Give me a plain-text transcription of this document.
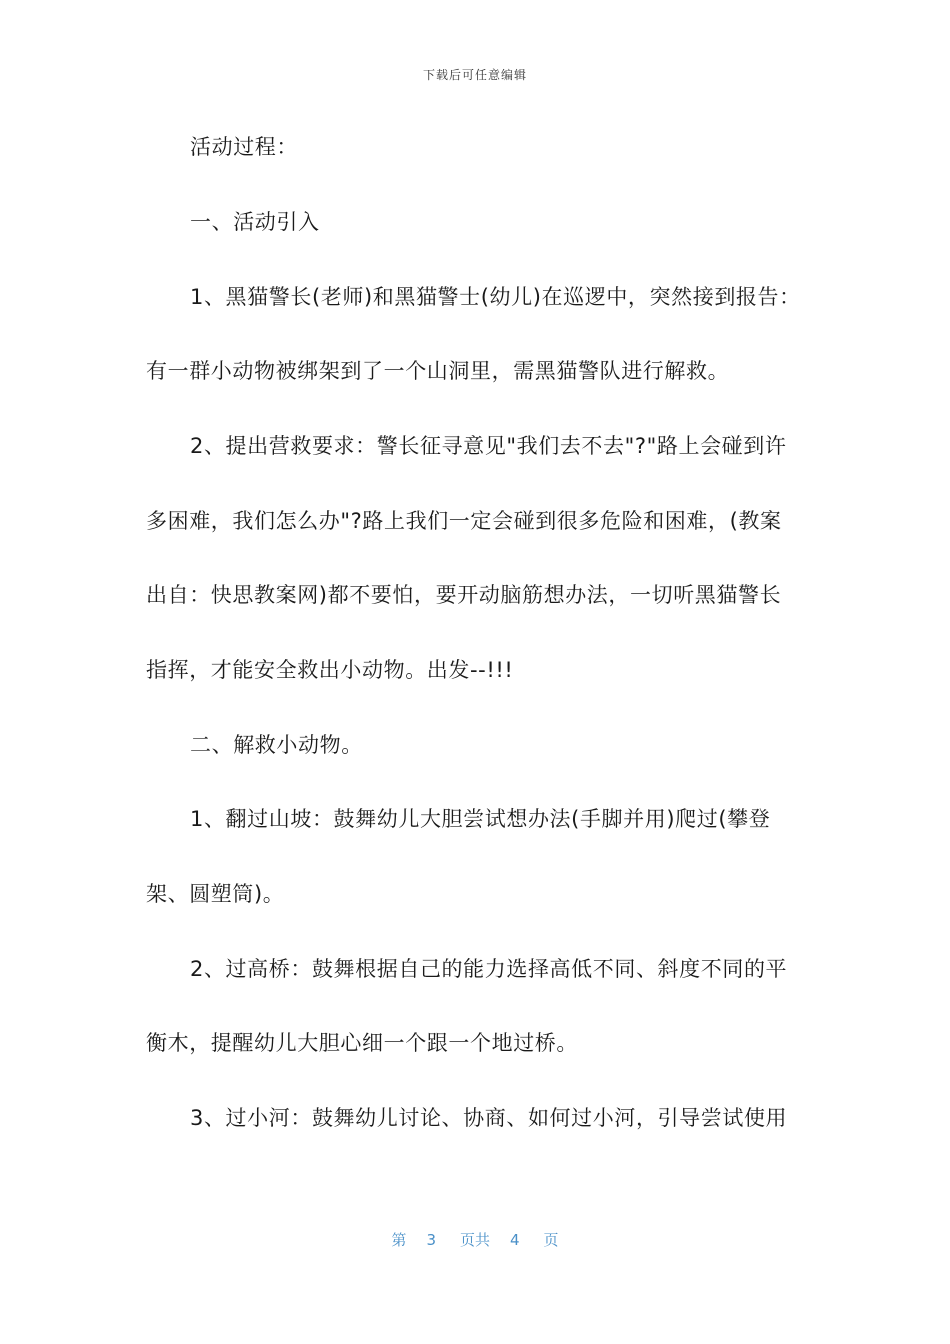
下载后可任意编辑
活动过程：
一、活动引入
1、黑猫警长(老师)和黑猫警士(幼儿)在巡逻中，突然接到报告：
有一群小动物被绑架到了一个山洞里，需黑猫警队进行解救。
2、提出营救要求：警长征寻意见"我们去不去"?"路上会碰到许
多困难，我们怎么办"?路上我们一定会碰到很多危险和困难，(教案
出自：快思教案网)都不要怕，要开动脑筋想办法，一切听黑猫警长
指挥，才能安全救出小动物。出发--!!!
二、解救小动物。
1、翻过山坡：鼓舞幼儿大胆尝试想办法(手脚并用)爬过(攀登
架、圆塑筒)。
2、过高桥：鼓舞根据自己的能力选择高低不同、斜度不同的平
衡木，提醒幼儿大胆心细一个跟一个地过桥。
3、过小河：鼓舞幼儿讨论、协商、如何过小河，引导尝试使用
第 3 页共 4 页
